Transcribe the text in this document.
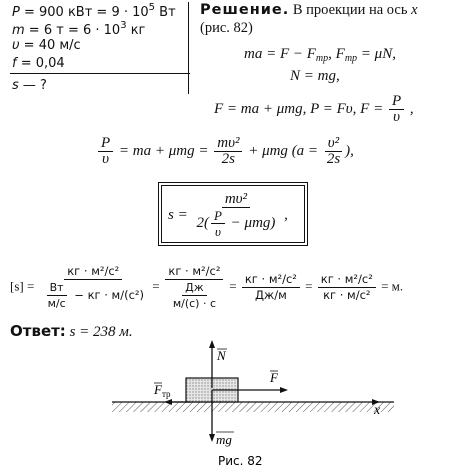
P = 900 кВт = $9 \cdot 10^5$ Вт
m = 6 $т = 6 \cdot 10^3$ кг
υ = 40 м/с
f = 0,04
s — ?
Решение. В проекции на ось x
(рис. 82)
ma = $F - F_{тр}$, $F_{тр} = \mu N$,
N = mg,
F = ma + μmg, P = Fυ, $F = \frac{P}{\upsilon}$ ,
$\frac{P}{\upsilon}$ = ma + $\mu mg = \frac{\text{mυ²}}{2s} + \mu mg$ ($a = \frac{\text{υ²}}{2s}$ ),
$s = \frac{\text{mυ²}}{2( \frac{P}{\upsilon} - \mu mg)}$ ,
$[s] = \frac{\text{кг · м²/с²}}{\frac{Вт}{м/с} - кг \cdot м/(с^2)} = \frac{\text{кг · м²/с²}}{\frac{Дж}{м/(с) \cdot с}} = \frac{\text{кг · м²/с²}}{Дж/м} = \frac{\text{кг · м²/с²}}{\text{кг · м/с²}} = м$.
Ответ: s = 238 м.
N
F
$F_{тр}$
mg
x
Рис. 82
